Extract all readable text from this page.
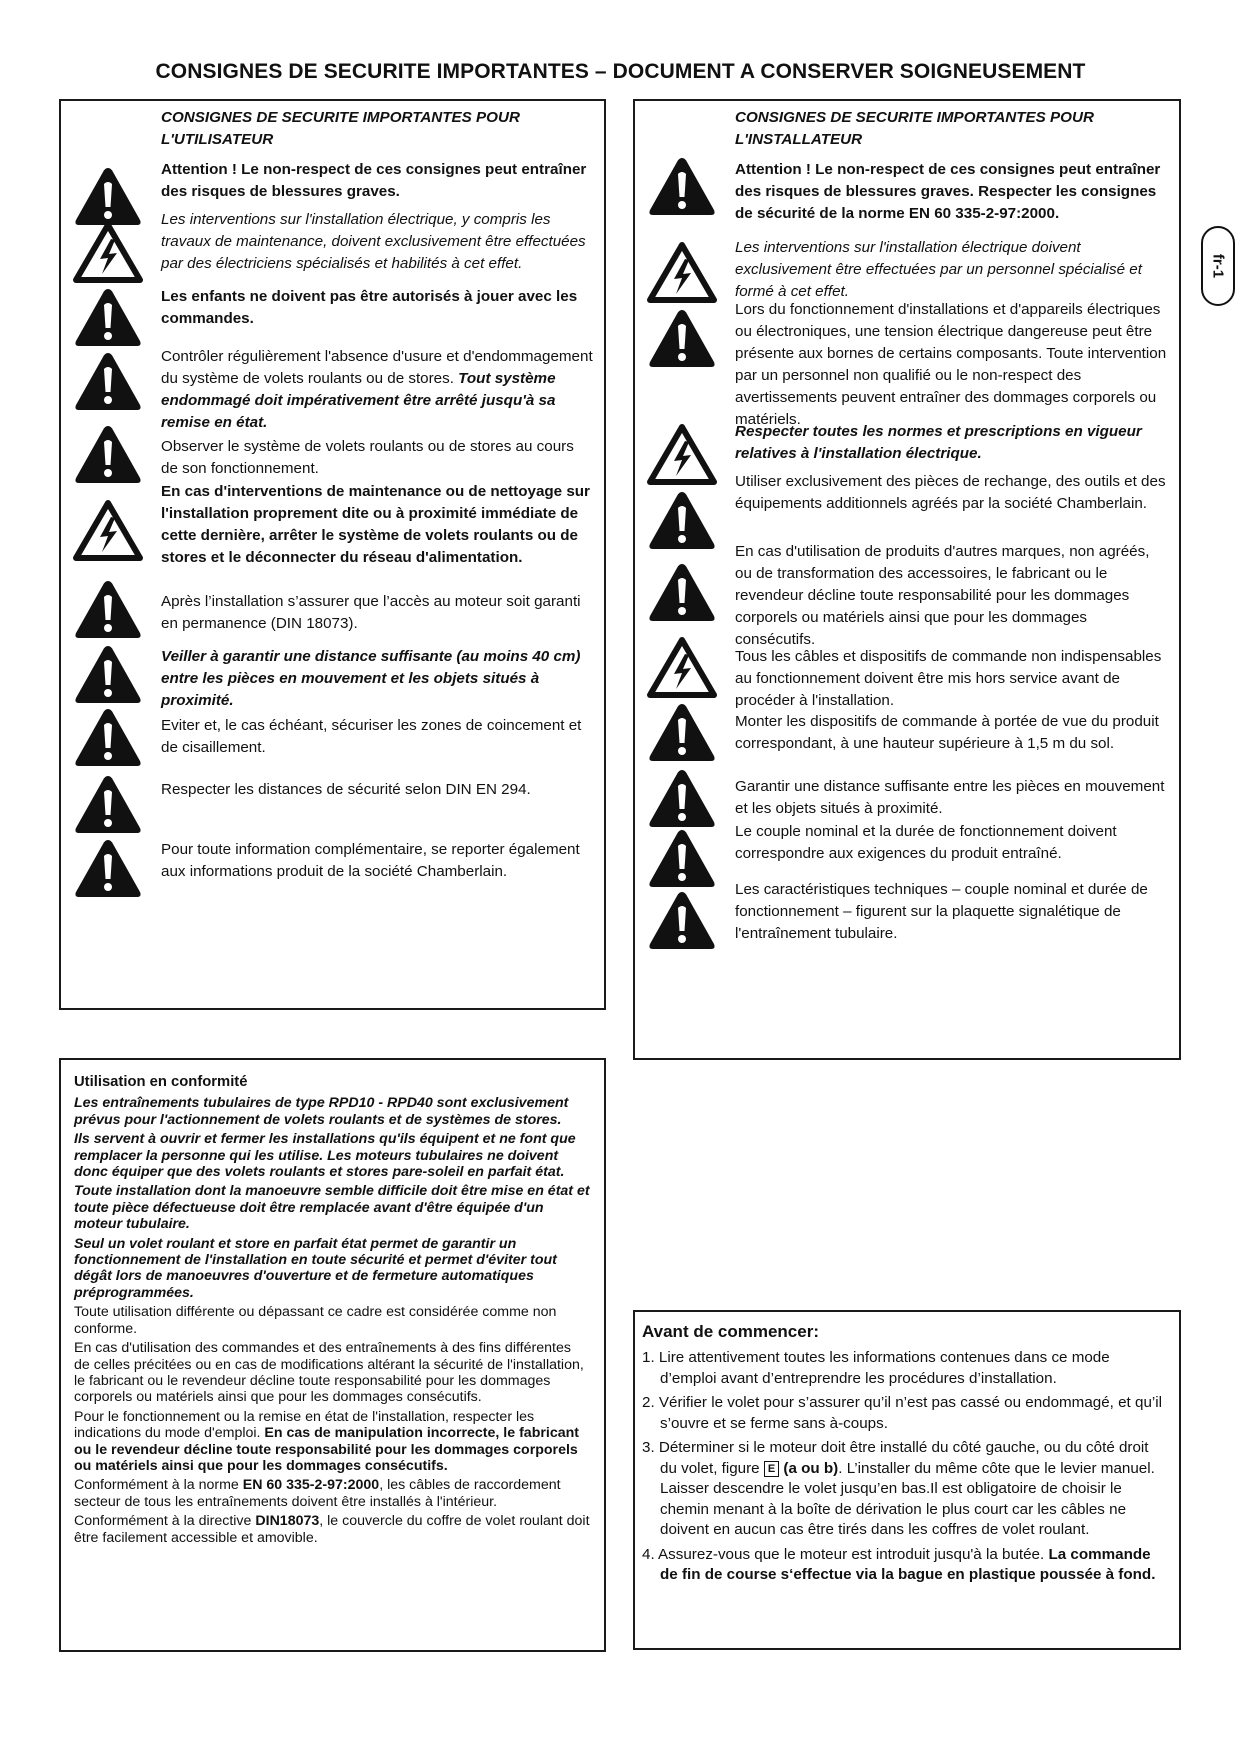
CONSIGNES DE SECURITE IMPORTANTES – DOCUMENT A CONSERVER SOIGNEUSEMENT
fr-1
CONSIGNES DE SECURITE IMPORTANTES POUR L'UTILISATEUR
Attention ! Le non-respect de ces consignes peut entraîner des risques de blessures graves.
Les interventions sur l'installation électrique, y compris les travaux de maintenance, doivent exclusivement être effectuées par des électriciens spécialisés et habilités à cet effet.
Les enfants ne doivent pas être autorisés à jouer avec les commandes.
Contrôler régulièrement l'absence d'usure et d'endommagement du système de volets roulants ou de stores. Tout système endommagé doit impérativement être arrêté jusqu'à sa remise en état.
Observer le système de volets roulants ou de stores au cours de son fonctionnement.
En cas d'interventions de maintenance ou de nettoyage sur l'installation proprement dite ou à proximité immédiate de cette dernière, arrêter le système de volets roulants ou de stores et le déconnecter du réseau d'alimentation.
Après l’installation s’assurer que l’accès au moteur soit garanti en permanence (DIN 18073).
Veiller à garantir une distance suffisante (au moins 40 cm) entre les pièces en mouvement et les objets situés à proximité.
Eviter et, le cas échéant, sécuriser les zones de coincement et de cisaillement.
Respecter les distances de sécurité selon DIN EN 294.
Pour toute information complémentaire, se reporter également aux informations produit de la société Chamberlain.
CONSIGNES DE SECURITE IMPORTANTES POUR L'INSTALLATEUR
Attention ! Le non-respect de ces consignes peut entraîner des risques de blessures graves. Respecter les consignes de sécurité de la norme EN 60 335-2-97:2000.
Les interventions sur l'installation électrique doivent exclusivement être effectuées par un personnel spécialisé et formé à cet effet.
Lors du fonctionnement d'installations et d'appareils électriques ou électroniques, une tension électrique dangereuse peut être présente aux bornes de certains composants. Toute intervention par un personnel non qualifié ou le non-respect des avertissements peuvent entraîner des dommages corporels ou matériels.
Respecter toutes les normes et prescriptions en vigueur relatives à l'installation électrique.
Utiliser exclusivement des pièces de rechange, des outils et des équipements additionnels agréés par la société Chamberlain.
En cas d'utilisation de produits d'autres marques, non agréés, ou de transformation des accessoires, le fabricant ou le revendeur décline toute responsabilité pour les dommages corporels ou matériels ainsi que pour les dommages consécutifs.
Tous les câbles et dispositifs de commande non indispensables au fonctionnement doivent être mis hors service avant de procéder à l'installation.
Monter les dispositifs de commande à portée de vue du produit correspondant, à une hauteur supérieure à 1,5 m du sol.
Garantir une distance suffisante entre les pièces en mouvement et les objets situés à proximité.
Le couple nominal et la durée de fonctionnement doivent correspondre aux exigences du produit entraîné.
Les caractéristiques techniques – couple nominal et durée de fonctionnement – figurent sur la plaquette signalétique de l'entraînement tubulaire.

Utilisation en conformité

Les entraînements tubulaires de type RPD10 - RPD40 sont exclusivement prévus pour l'actionnement de volets roulants et de systèmes de stores.

Ils servent à ouvrir et fermer les installations qu'ils équipent et ne font que remplacer la personne qui les utilise. Les moteurs tubulaires ne doivent donc équiper que des volets roulants et stores pare-soleil en parfait état.

Toute installation dont la manoeuvre semble difficile doit être mise en état et toute pièce défectueuse doit être remplacée avant d'être équipée d'un moteur tubulaire.

Seul un volet roulant et store en parfait état permet de garantir un fonctionnement de l'installation en toute sécurité et permet d'éviter tout dégât lors de manoeuvres d'ouverture et de fermeture automatiques préprogrammées.

Toute utilisation différente ou dépassant ce cadre est considérée comme non conforme.

En cas d'utilisation des commandes et des entraînements à des fins différentes de celles précitées ou en cas de modifications altérant la sécurité de l'installation, le fabricant ou le revendeur décline toute responsabilité pour les dommages corporels ou matériels ainsi que pour les dommages consécutifs.

Pour le fonctionnement ou la remise en état de l'installation, respecter les indications du mode d'emploi. En cas de manipulation incorrecte, le fabricant ou le revendeur décline toute responsabilité pour les dommages corporels ou matériels ainsi que pour les dommages consécutifs.

Conformément à la norme EN 60 335-2-97:2000, les câbles de raccordement secteur de tous les entraînements doivent être installés à l'intérieur.

Conformément à la directive DIN18073, le couvercle du coffre de volet roulant doit être facilement accessible et amovible.

Avant de commencer:

1. Lire attentivement toutes les informations contenues dans ce mode d’emploi avant d’entreprendre les procédures d’installation.
2. Vérifier le volet pour s’assurer qu’il n’est pas cassé ou endommagé, et qu’il s’ouvre et se ferme sans à-coups.
3. Déterminer si le moteur doit être installé du côté gauche, ou du côté droit du volet, figure E (a ou b). L’installer du même côte que le levier manuel. Laisser descendre le volet jusqu’en bas.Il est obligatoire de choisir le chemin menant à la boîte de dérivation le plus court car les câbles ne doivent en aucun cas être tirés dans les coffres de volet roulant.
4. Assurez-vous que le moteur est introduit jusqu'à la butée. La commande de fin de course s‘effectue via la bague en plastique poussée à fond.
